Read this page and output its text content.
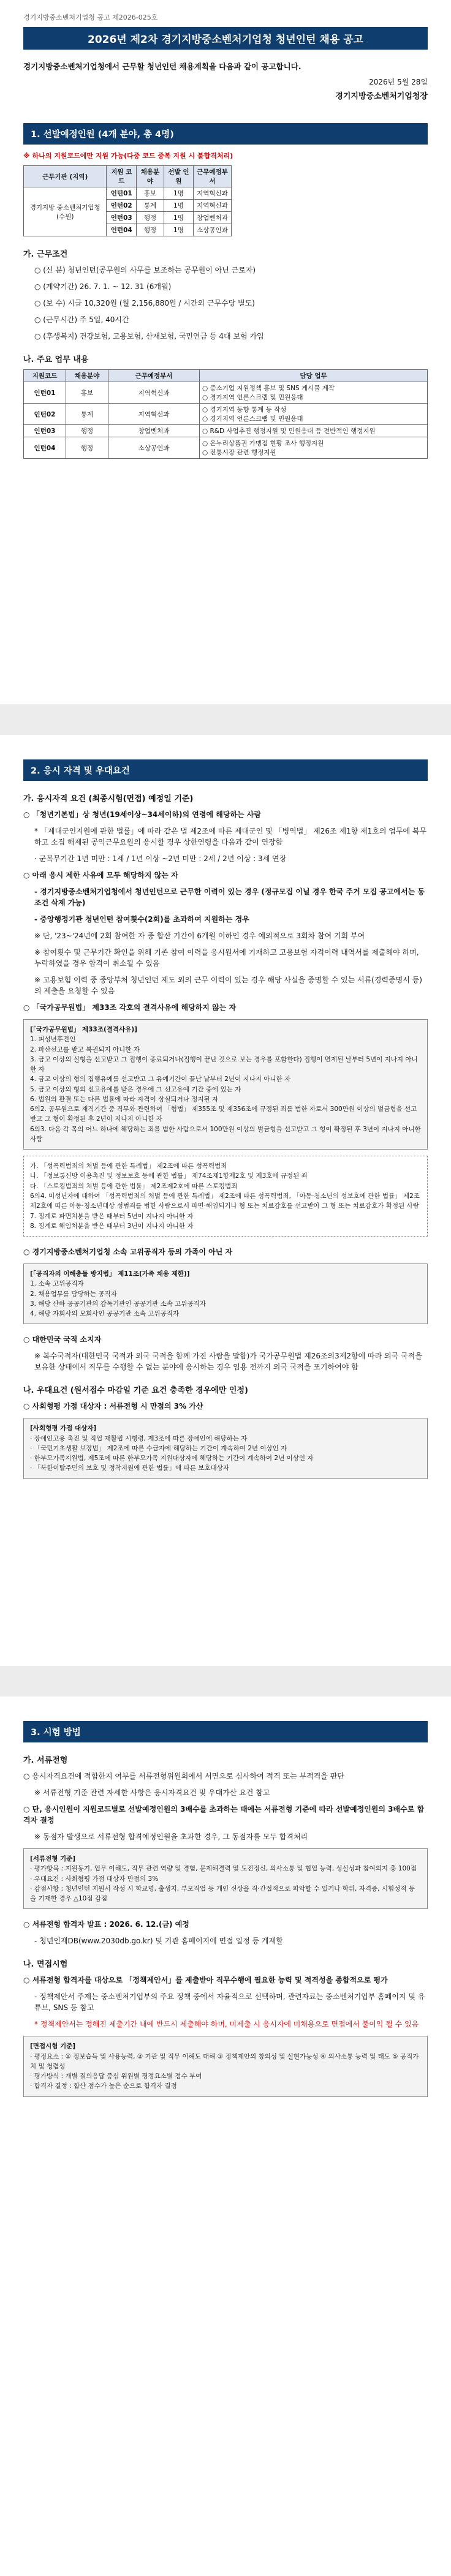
경기지방중소벤처기업청 공고 제2026-025호
2026년 제2차 경기지방중소벤처기업청 청년인턴 채용 공고
경기지방중소벤처기업청에서 근무할 청년인턴 채용계획을 다음과 같이 공고합니다.
2026년 5월 28일
경기지방중소벤처기업청장
1. 선발예정인원 (4개 분야, 총 4명)
※ 하나의 지원코드에만 지원 가능(다중 코드 중복 지원 시 불합격처리)
근무기관 (지역)	지원 코드	채용분야	선발 인원	근무예정부서
경기지방 중소벤처기업청 (수원)	인턴01	홍보	1명	지역혁신과
	인턴02	통계	1명	지역혁신과
	인턴03	행정	1명	창업벤처과
	인턴04	행정	1명	소상공인과
가. 근무조건
○ (신 분) 청년인턴(공무원의 사무를 보조하는 공무원이 아닌 근로자)
○ (계약기간) 26. 7. 1. ~ 12. 31 (6개월)
○ (보 수) 시급 10,320원 (월 2,156,880원 / 시간외 근무수당 별도)
○ (근무시간) 주 5일, 40시간
○ (후생복지) 건강보험, 고용보험, 산재보험, 국민연금 등 4대 보험 가입
나. 주요 업무 내용
지원코드	채용분야	근무예정부서	담당 업무
인턴01	홍보	지역혁신과	○ 중소기업 지원정책 홍보 및 SNS 게시물 제작
○ 경기지역 언론스크랩 및 민원응대

인턴02	통계	지역혁신과	○ 경기지역 동향 통계 등 작성
○ 경기지역 언론스크랩 및 민원응대

인턴03	행정	창업벤처과	○ R&D 사업추진 행정지원 및 민원응대 등 전반적인 행정지원

인턴04	행정	소상공인과	○ 온누리상품권 가맹점 현황 조사 행정지원
○ 전통시장 관련 행정지원
2. 응시 자격 및 우대요건
가. 응시자격 요건 (최종시험(면접) 예정일 기준)
○ 「청년기본법」상 청년(19세이상~34세이하)의 연령에 해당하는 사람
* 「제대군인지원에 관한 법률」에 따라 같은 법 제2조에 따른 제대군인 및 「병역법」 제26조 제1항 제1호의 업무에 복무하고 소집 해제된 공익근무요원의 응시할 경우 상한연령을 다음과 같이 연장함
· 군복무기간 1년 미만 : 1세 / 1년 이상 ~2년 미만 : 2세 / 2년 이상 : 3세 연장
○ 아래 응시 제한 사유에 모두 해당하지 않는 자
- 경기지방중소벤처기업청에서 청년인턴으로 근무한 이력이 있는 경우 (정규모집 이닐 경우 한국 주거 모집 공고에서는 동 조건 삭제 가능)
- 중앙행정기관 청년인턴 참여횟수(2회)를 초과하여 지원하는 경우
※ 단, '23~'24년에 2회 참여한 자 중 합산 기간이 6개월 이하인 경우 예외적으로 3회차 참여 기회 부여
※ 참여횟수 및 근무기간 확인을 위해 기존 참여 이력을 응시원서에 기재하고 고용보험 자격이력 내역서를 제출해야 하며, 누락하였을 경우 합격이 취소될 수 있음
※ 고용보험 이력 중 중앙부처 청년인턴 제도 외의 근무 이력이 있는 경우 해당 사실을 증명할 수 있는 서류(경력증명서 등)의 제출을 요청할 수 있음
○ 「국가공무원법」 제33조 각호의 결격사유에 해당하지 않는 자
[「국가공무원법」 제33조(결격사유)]
1. 피성년후견인
2. 파산선고를 받고 복권되지 아니한 자
3. 금고 이상의 실형을 선고받고 그 집행이 종료되거나(집행이 끝난 것으로 보는 경우를 포함한다) 집행이 면제된 날부터 5년이 지나지 아니한 자
4. 금고 이상의 형의 집행유예를 선고받고 그 유예기간이 끝난 날부터 2년이 지나지 아니한 자
5. 금고 이상의 형의 선고유예를 받은 경우에 그 선고유예 기간 중에 있는 자
6. 법원의 판결 또는 다른 법률에 따라 자격이 상실되거나 정지된 자
6의2. 공무원으로 재직기간 중 직무와 관련하여 「형법」 제355조 및 제356조에 규정된 죄를 범한 자로서 300만원 이상의 벌금형을 선고받고 그 형이 확정된 후 2년이 지나지 아니한 자
6의3. 다음 각 목의 어느 하나에 해당하는 죄를 범한 사람으로서 100만원 이상의 벌금형을 선고받고 그 형이 확정된 후 3년이 지나지 아니한 사람
가. 「성폭력범죄의 처벌 등에 관한 특례법」 제2조에 따른 성폭력범죄
나. 「정보통신망 이용촉진 및 정보보호 등에 관한 법률」 제74조제1항제2호 및 제3호에 규정된 죄
다. 「스토킹범죄의 처벌 등에 관한 법률」 제2조제2호에 따른 스토킹범죄
6의4. 미성년자에 대하여 「성폭력범죄의 처벌 등에 관한 특례법」 제2조에 따른 성폭력범죄, 「아동·청소년의 성보호에 관한 법률」 제2조제2호에 따른 아동·청소년대상 성범죄를 범한 사람으로서 파면·해임되거나 형 또는 치료감호를 선고받아 그 형 또는 치료감호가 확정된 사람
7. 징계로 파면처분을 받은 때부터 5년이 지나지 아니한 자
8. 징계로 해임처분을 받은 때부터 3년이 지나지 아니한 자
○ 경기지방중소벤처기업청 소속 고위공직자 등의 가족이 아닌 자
[「공직자의 이해충돌 방지법」 제11조(가족 채용 제한)]
1. 소속 고위공직자
2. 채용업무를 담당하는 공직자
3. 해당 산하 공공기관의 감독기관인 공공기관 소속 고위공직자
4. 해당 자회사의 모회사인 공공기관 소속 고위공직자
○ 대한민국 국적 소지자
※ 복수국적자(대한민국 국적과 외국 국적을 함께 가진 사람을 말함)가 국가공무원법 제26조의3제2항에 따라 외국 국적을 보유한 상태에서 직무를 수행할 수 없는 분야에 응시하는 경우 임용 전까지 외국 국적을 포기하여야 함
나. 우대요건 (원서접수 마감일 기준 요건 충족한 경우에만 인정)
○ 사회형평 가점 대상자 : 서류전형 시 만점의 3% 가산
[사회형평 가점 대상자]
· 장애인고용 촉진 및 직업 재활법 시행령, 제3조에 따른 장애인에 해당하는 자
· 「국민기초생활 보장법」 제2조에 따른 수급자에 해당하는 기간이 계속하여 2년 이상인 자
· 한부모가족지원법, 제5조에 따른 한부모가족 지원대상자에 해당하는 기간이 계속하여 2년 이상인 자
· 「북한이탈주민의 보호 및 정착지원에 관한 법률」에 따른 보호대상자
3. 시험 방법
가. 서류전형
○ 응시자격요건에 적합한지 여부를 서류전형위원회에서 서면으로 심사하여 적격 또는 부적격을 판단
※ 서류전형 기준 관련 자세한 사항은 응시자격요건 및 우대가산 요건 참고
○ 단, 응시인원이 지원코드별로 선발예정인원의 3배수를 초과하는 때에는 서류전형 기준에 따라 선발예정인원의 3배수로 합격자 결정
※ 동점자 발생으로 서류전형 합격예정인원을 초과한 경우, 그 동점자를 모두 합격처리
[서류전형 기준]
· 평가항목 : 지원동기, 업무 이해도, 직무 관련 역량 및 경험, 문제해결력 및 도전정신, 의사소통 및 협업 능력, 성실성과 참여의지 총 100점
· 우대요건 : 사회형평 가점 대상자 만점의 3%
· 감점사항 : 청년인턴 지원서 작성 시 학교명, 출생지, 부모직업 등 개인 신상을 직·간접적으로 파악할 수 있거나 학위, 자격증, 시험성적 등을 기재한 경우 △10점 감점
○ 서류전형 합격자 발표 : 2026. 6. 12.(금) 예정
- 청년인재DB(www.2030db.go.kr) 및 기관 홈페이지에 면접 일정 등 게재할
나. 면접시험
○ 서류전형 합격자를 대상으로 「정책제안서」를 제출받아 직무수행에 필요한 능력 및 적격성을 종합적으로 평가
- 정책제안서 주제는 중소벤처기업부의 주요 정책 중에서 자율적으로 선택하며, 관련자료는 중소벤처기업부 홈페이지 및 유튜브, SNS 등 참고
* 정책제안서는 정해진 제출기간 내에 반드시 제출해야 하며, 미제출 시 응시자에 미채용으로 면접에서 불이익 될 수 있음
[면접시험 기준]
· 평정요소 : ① 정보습득 및 사용능력, ② 기관 및 직무 이해도 대해 ③ 정책제안의 창의성 및 실현가능성 ④ 의사소통 능력 및 태도 ⑤ 공직가치 및 청렴성
· 평가방식 : 개별 질의응답 중심 위원별 평정요소별 점수 부여
· 합격자 결정 : 합산 점수가 높은 순으로 합격자 결정
